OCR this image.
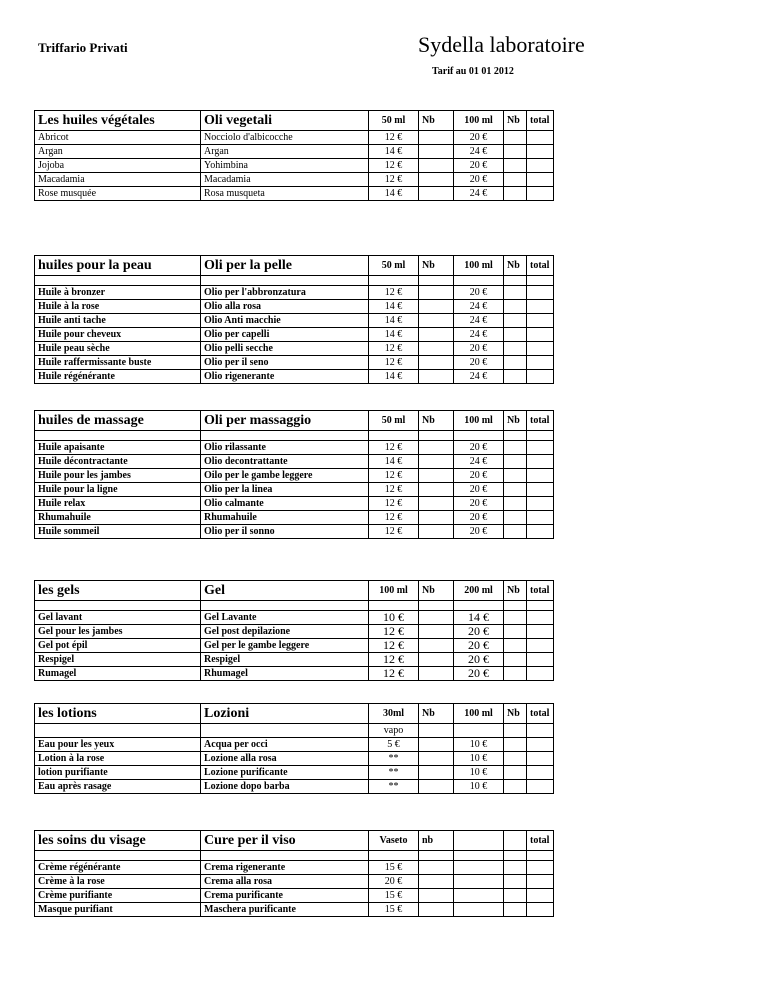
Triffario Privati	Sydella laboratoire
Tarif au 01 01 2012
Les huiles végétales	Oli vegetali	50 ml	Nb	100 ml	Nb	total
Abricot	Nocciolo d'albicocche	12 €		20 €		
Argan	Argan	14 €		24 €		
Jojoba	Yohimbina	12 €		20 €		
Macadamia	Macadamia	12 €		20 €		
Rose musquée	Rosa musqueta	14 €		24 €		
huiles pour la peau	Oli per la pelle	50 ml	Nb	100 ml	Nb	total

Huile à bronzer	Olio per l'abbronzatura	12 €		20 €		
Huile à la rose	Olio alla rosa	14 €		24 €		
Huile anti tache	Olio Anti macchie	14 €		24 €		
Huile pour cheveux	Olio per capelli	14 €		24 €		
Huile peau sèche	Olio pelli secche	12 €		20 €		
Huile raffermissante buste	Olio per il seno	12 €		20 €		
Huile régénérante	Olio rigenerante	14 €		24 €		
huiles de massage	Oli per massaggio	50 ml	Nb	100 ml	Nb	total

Huile apaisante	Olio rilassante	12 €		20 €		
Huile décontractante	Olio decontrattante	14 €		24 €		
Huile pour les jambes	Oilo per le gambe leggere	12 €		20 €		
Huile pour la ligne	Olio per la linea	12 €		20 €		
Huile relax	Olio calmante	12 €		20 €		
Rhumahuile	Rhumahuile	12 €		20 €		
Huile sommeil	Olio per il sonno	12 €		20 €		
les gels	Gel	100 ml	Nb	200 ml	Nb	total

Gel lavant	Gel Lavante	10 €		14 €		
Gel pour les jambes	Gel post depilazione	12 €		20 €		
Gel pot épil	Gel per le gambe leggere	12 €		20 €		
Respigel	Respigel	12 €		20 €		
Rumagel	Rhumagel	12 €		20 €		
les lotions	Lozioni	30ml	Nb	100 ml	Nb	total
		vapo				
Eau pour les yeux	Acqua per occi	5 €		10 €		
Lotion à la rose	Lozione alla rosa	**		10 €		
lotion purifiante	Lozione purificante	**		10 €		
Eau après rasage	Lozione dopo barba	**		10 €		
les soins du visage	Cure per il viso	Vaseto	nb			total

Crème régénérante	Crema rigenerante	15 €				
Crème à la rose	Crema alla rosa	20 €				
Crème purifiante	Crema purificante	15 €				
Masque purifiant	Maschera purificante	15 €				
